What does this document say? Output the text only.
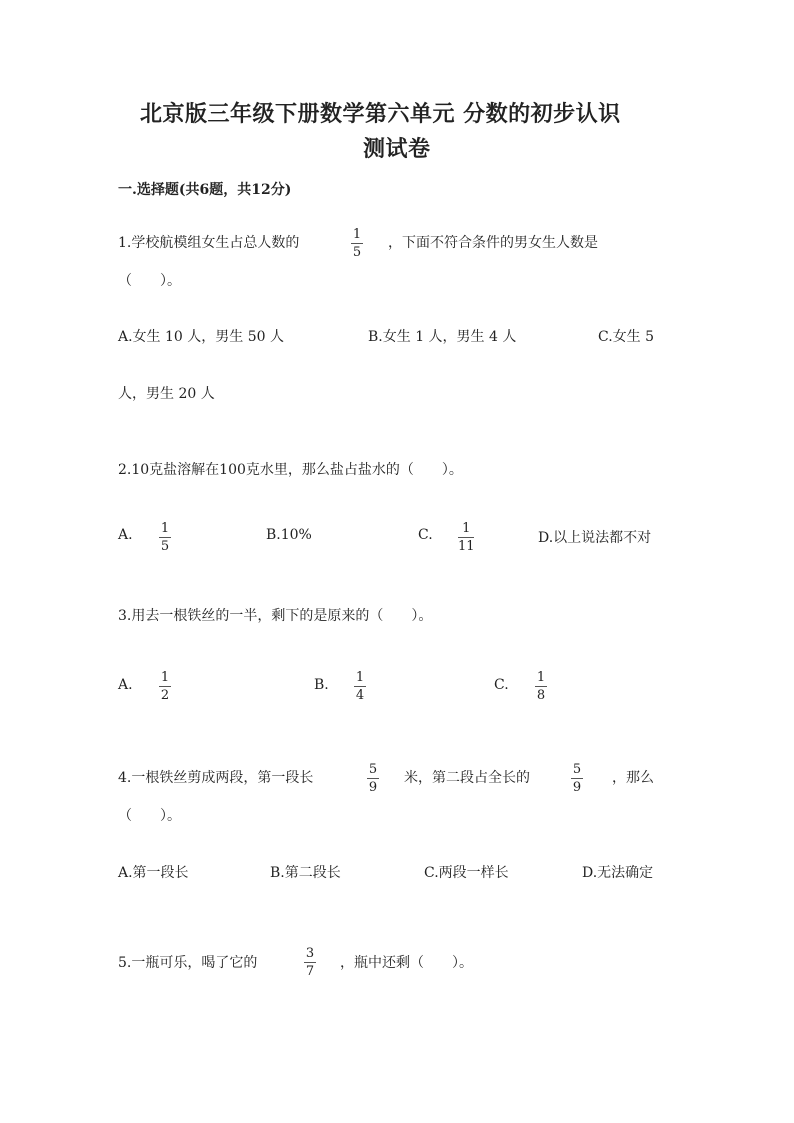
北京版三年级下册数学第六单元 分数的初步认识
测试卷
一.选择题(共6题，共12分)
1.学校航模组女生占总人数的
1
5
，下面不符合条件的男女生人数是
（　　）。
A.女生 10 人，男生 50 人	B.女生 1 人，男生 4 人	C.女生 5
人，男生 20 人
2.10克盐溶解在100克水里，那么盐占盐水的（　　）。
A. 1
5
B.10%	C. 1
11
D.以上说法都不对
3.用去一根铁丝的一半，剩下的是原来的（　　）。
A. 1
2
B. 1
4
C. 1
8
4.一根铁丝剪成两段，第一段长
5
9
米，第二段占全长的
5
9
，那么
（　　）。
A.第一段长	B.第二段长	C.两段一样长	D.无法确定
5.一瓶可乐，喝了它的
3
7
，瓶中还剩（　　）。
